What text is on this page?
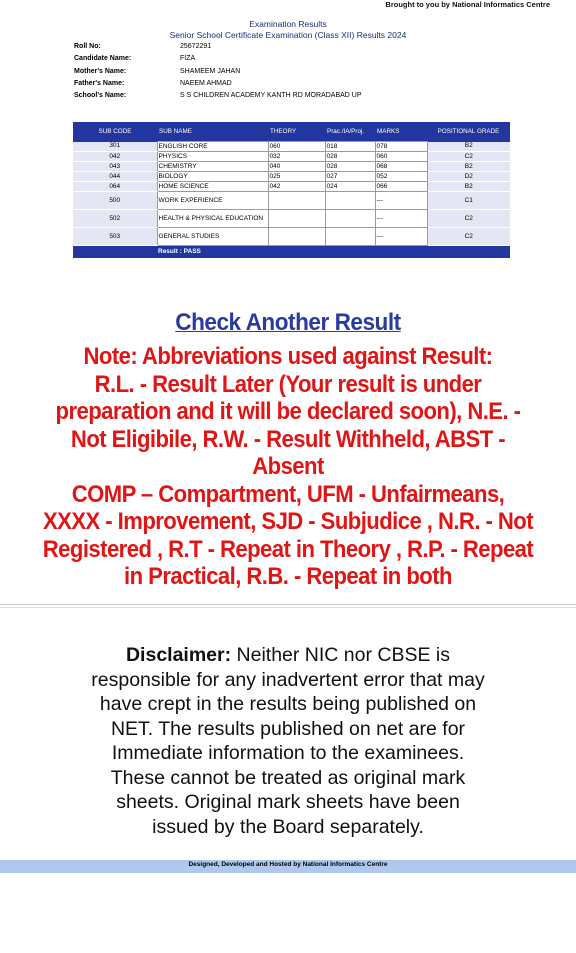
Brought to you by National Informatics Centre
Examination Results
Senior School Certificate Examination (Class XII) Results 2024
Roll No:	25672291
Candidate Name:	FIZA
Mother's Name:	SHAMEEM JAHAN
Father's Name:	NAEEM AHMAD
School's Name:	S S CHILDREN ACADEMY KANTH RD MORADABAD UP
SUB CODE	SUB NAME	THEORY	Prac./IA/Proj.	MARKS	POSITIONAL GRADE
301	ENGLISH CORE	060	018	078	B2
042	PHYSICS	032	028	060	C2
043	CHEMISTRY	040	028	068	B2
044	BIOLOGY	025	027	052	D2
064	HOME SCIENCE	042	024	066	B2
500	WORK EXPERIENCE			---	C1
502	HEALTH & PHYSICAL EDUCATION			---	C2
503	GENERAL STUDIES			---	C2
	Result : PASS				
Check Another Result

Note: Abbreviations used against Result:

R.L. - Result Later (Your result is under

preparation and it will be declared soon), N.E. -

Not Eligibile, R.W. - Result Withheld, ABST -

Absent

COMP – Compartment, UFM - Unfairmeans,

XXXX - Improvement, SJD - Subjudice , N.R. - Not

Registered , R.T - Repeat in Theory , R.P. - Repeat

in Practical, R.B. - Repeat in both

Disclaimer: Neither NIC nor CBSE is

responsible for any inadvertent error that may

have crept in the results being published on

NET. The results published on net are for

Immediate information to the examinees.

These cannot be treated as original mark

sheets. Original mark sheets have been

issued by the Board separately.

Designed, Developed and Hosted by National Informatics Centre
